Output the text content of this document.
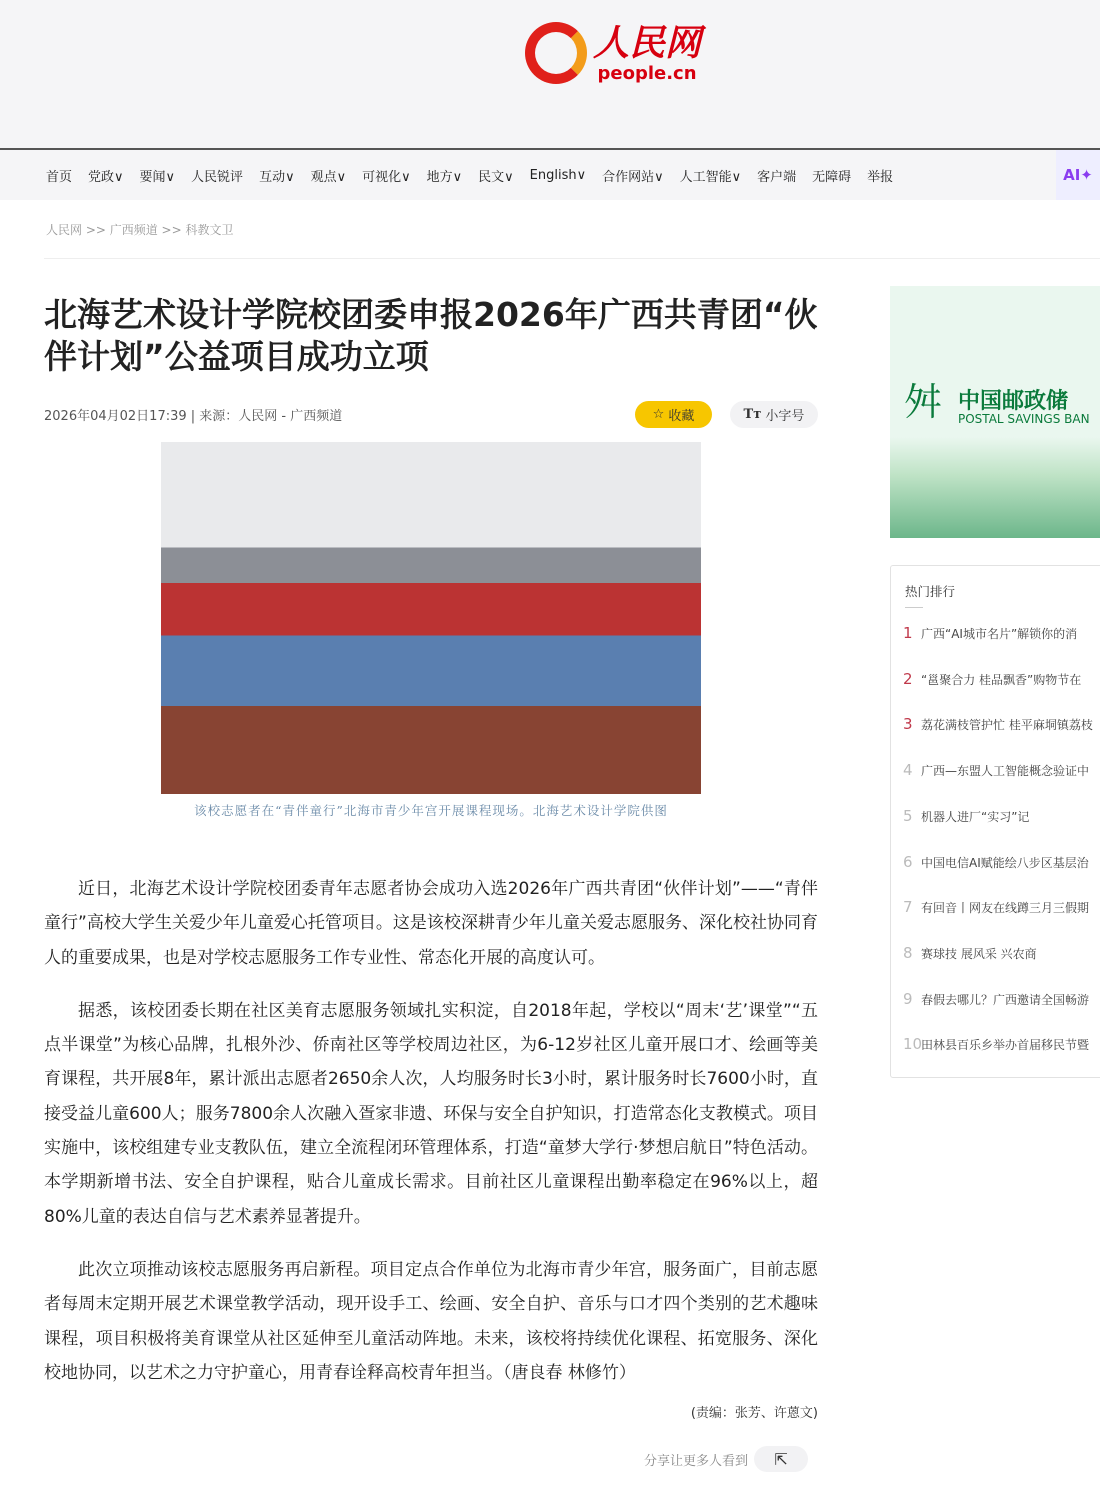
人民网
people.cn
首页 党政∨ 要闻∨ 人民锐评 互动∨ 观点∨ 可视化∨ 地方∨ 民文∨ English∨ 合作网站∨ 人工智能∨ 客户端 无障碍 举报	AI✦
人民网 >> 广西频道 >> 科教文卫
北海艺术设计学院校团委申报2026年广西共青团“伙伴计划”公益项目成功立项
2026年04月02日17:39 | 来源：人民网 - 广西频道	☆
收藏	Tт
小字号
该校志愿者在“青伴童行”北海市青少年宫开展课程现场。北海艺术设计学院供图

近日，北海艺术设计学院校团委青年志愿者协会成功入选2026年广西共青团“伙伴计划”——“青伴童行”高校大学生关爱少年儿童爱心托管项目。这是该校深耕青少年儿童关爱志愿服务、深化校社协同育人的重要成果，也是对学校志愿服务工作专业性、常态化开展的高度认可。

据悉，该校团委长期在社区美育志愿服务领域扎实积淀，自2018年起，学校以“周末‘艺’课堂”“五点半课堂”为核心品牌，扎根外沙、侨南社区等学校周边社区，为6-12岁社区儿童开展口才、绘画等美育课程，共开展8年，累计派出志愿者2650余人次，人均服务时长3小时，累计服务时长7600小时，直接受益儿童600人；服务7800余人次融入疍家非遗、环保与安全自护知识，打造常态化支教模式。项目实施中，该校组建专业支教队伍，建立全流程闭环管理体系，打造“童梦大学行·梦想启航日”特色活动。本学期新增书法、安全自护课程，贴合儿童成长需求。目前社区儿童课程出勤率稳定在96%以上，超80%儿童的表达自信与艺术素养显著提升。

此次立项推动该校志愿服务再启新程。项目定点合作单位为北海市青少年宫，服务面广，目前志愿者每周末定期开展艺术课堂教学活动，现开设手工、绘画、安全自护、音乐与口才四个类别的艺术趣味课程，项目积极将美育课堂从社区延伸至儿童活动阵地。未来，该校将持续优化课程、拓宽服务、深化校地协同，以艺术之力守护童心，用青春诠释高校青年担当。（唐良春 林修竹）

(责编：张芳、许蒽文)
分享让更多人看到 ⇱
⾇ 中国邮政储
POSTAL SAVINGS BAN
热门排行
1 广西“AI城市名片”解锁你的消
2 “邕聚合力 桂品飘香”购物节在
3 荔花满枝管护忙 桂平麻垌镇荔枝
4 广西—东盟人工智能概念验证中
5 机器人进厂“实习”记
6 中国电信AI赋能绘八步区基层治
7 有回音丨网友在线蹲三月三假期
8 赛球技 展风采 兴农商
9 春假去哪儿？广西邀请全国畅游
10
田林县百乐乡举办首届移民节暨
